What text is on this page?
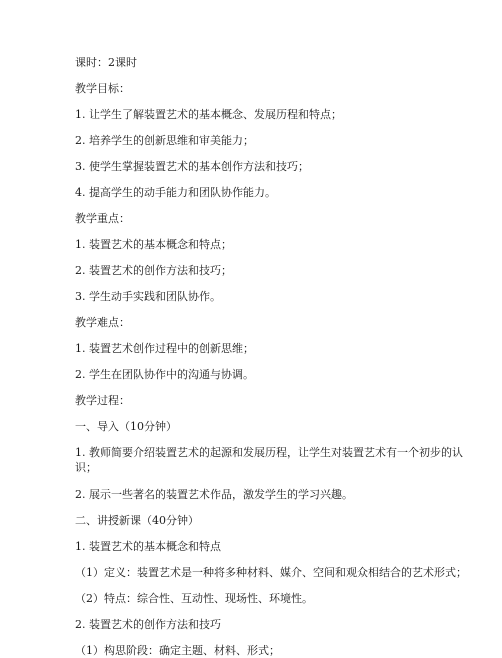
课时：2课时
教学目标：
1. 让学生了解装置艺术的基本概念、发展历程和特点；
2. 培养学生的创新思维和审美能力；
3. 使学生掌握装置艺术的基本创作方法和技巧；
4. 提高学生的动手能力和团队协作能力。
教学重点：
1. 装置艺术的基本概念和特点；
2. 装置艺术的创作方法和技巧；
3. 学生动手实践和团队协作。
教学难点：
1. 装置艺术创作过程中的创新思维；
2. 学生在团队协作中的沟通与协调。
教学过程：
一、导入（10分钟）
1. 教师简要介绍装置艺术的起源和发展历程，让学生对装置艺术有一个初步的认识；
2. 展示一些著名的装置艺术作品，激发学生的学习兴趣。
二、讲授新课（40分钟）
1. 装置艺术的基本概念和特点
（1）定义：装置艺术是一种将多种材料、媒介、空间和观众相结合的艺术形式；
（2）特点：综合性、互动性、现场性、环境性。
2. 装置艺术的创作方法和技巧
（1）构思阶段：确定主题、材料、形式；
